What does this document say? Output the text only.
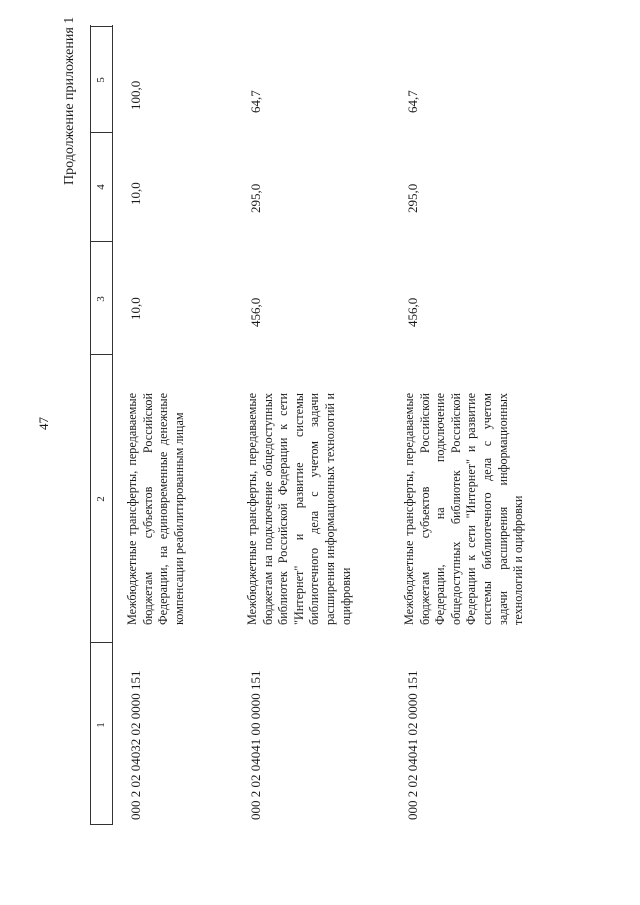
47
Продолжение приложения 1
1
2
3
4
5
000 2 02 04032 02 0000 151
Межбюджетные трансферты, передаваемые бюджетам субъектов Российской Федерации, на единовременные денежные компенсации реабилитированным лицам
10,0
10,0
100,0
000 2 02 04041 00 0000 151
Межбюджетные трансферты, передаваемые бюджетам на подключение общедоступных библиотек Российской Федерации к сети "Интернет" и развитие системы библиотечного дела с учетом задачи расширения информационных технологий и оцифровки
456,0
295,0
64,7
000 2 02 04041 02 0000 151
Межбюджетные трансферты, передаваемые бюджетам субъектов Российской Федерации, на подключение общедоступных библиотек Российской Федерации к сети "Интернет" и развитие системы библиотечного дела с учетом задачи расширения информационных технологий и оцифровки
456,0
295,0
64,7
